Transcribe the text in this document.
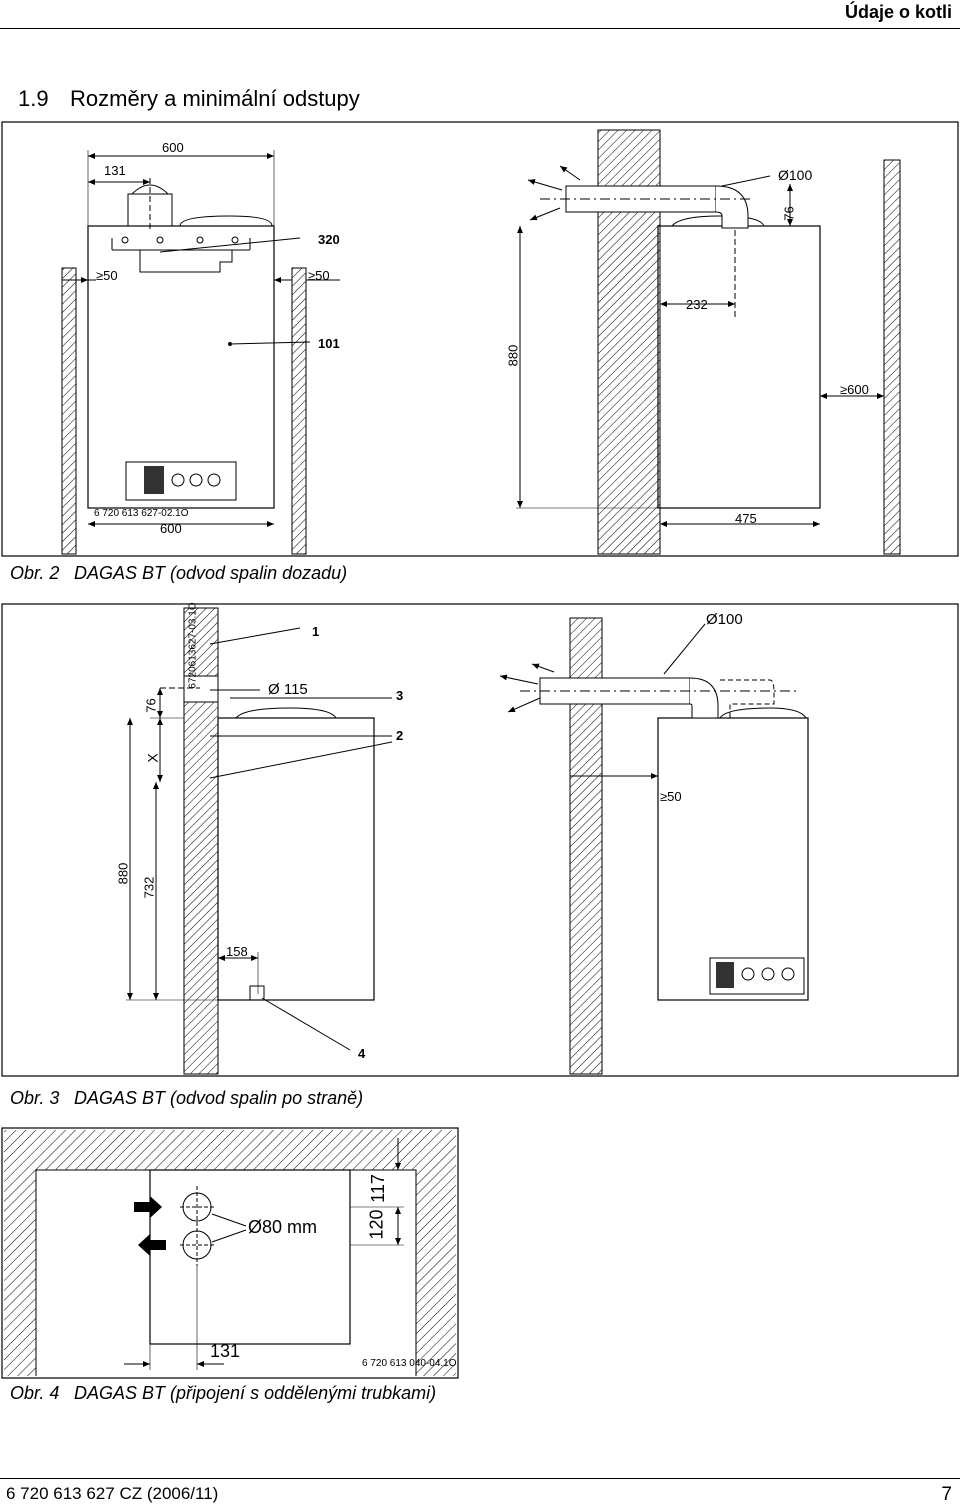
Údaje o kotli
1.9 Rozměry a minimální odstupy
600
131
320
≥50	≥50
101
6 720 613 627-02.1O
600
Ø100
76
232
880
≥600
475
Obr. 2 DAGAS BT (odvod spalin dozadu)
6720613627-03.1O	1
Ø 115	3
2
76
X
880
732
158
4
Ø100
≥50
Obr. 3 DAGAS BT (odvod spalin po straně)
Ø80 mm	120
117
131
6 720 613 040-04.1O
Obr. 4 DAGAS BT (připojení s oddělenými trubkami)
6 720 613 627 CZ (2006/11)	7
